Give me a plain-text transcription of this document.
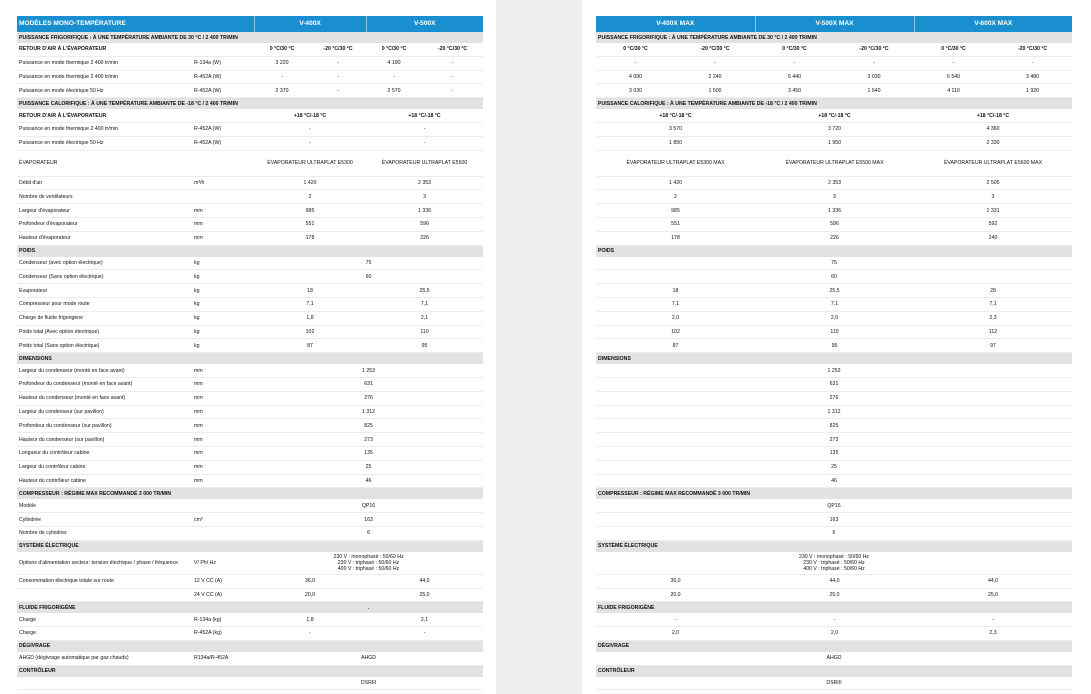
MODÈLES MONO-TEMPÉRATURE		V-400X		V-500X	
PUISSANCE FRIGORIFIQUE : À UNE TEMPÉRATURE AMBIANTE DE 30 °C / 2 400 TR/MIN					
RETOUR D'AIR À L'ÉVAPORATEUR		0 °C/30 °C	-20 °C/30 °C	0 °C/30 °C	-20 °C/30 °C
Puissance en mode thermique 2 400 tr/min	R-134a (W)	3 220	-	4 190	-
Puissance en mode thermique 2 400 tr/min	R-452A (W)	-	-	-	-
Puissance en mode électrique 50 Hz	R-452A (W)	2 370	-	2 570	-
PUISSANCE CALORIFIQUE : À UNE TEMPÉRATURE AMBIANTE DE -18 °C / 2 400 TR/MIN					
RETOUR D'AIR À L'ÉVAPORATEUR		+18 °C/-18 °C		+18 °C/-18 °C	
Puissance en mode thermique 2 400 tr/min	R-452A (W)	-		-	
Puissance en mode électrique 50 Hz	R-452A (W)	-		-	
ÉVAPORATEUR		ÉVAPORATEUR ULTRAPLAT E5300		ÉVAPORATEUR ULTRAPLAT E5500	
Débit d'air	m³/h	1 420		2 353	
Nombre de ventilateurs		2		3	
Largeur d'évaporateur	mm	985		1 336	
Profondeur d'évaporateur	mm	551		596	
Hauteur d'évaporateur	mm	178		226	
POIDS					
Condenseur (avec option électrique)	kg	75			
Condenseur (Sans option électrique)	kg	60			
Évaporateur	kg	18		25,5	
Compresseur pour mode route	kg	7,1		7,1	
Charge de fluide frigorigène	kg	1,8		2,1	
Poids total (Avec option électrique)	kg	102		110	
Poids total (Sans option électrique)	kg	87		95	
DIMENSIONS					
Largeur du condenseur (monté en face avant)	mm	1 253			
Profondeur du condenseur (monté en face avant)	mm	631			
Hauteur du condenseur (monté en face avant)	mm	276			
Largeur du condenseur (sur pavillon)	mm	1 312			
Profondeur du condenseur (sur pavillon)	mm	825			
Hauteur du condenseur (sur pavillon)	mm	273			
Longueur du contrôleur cabine	mm	135			
Largeur du contrôleur cabine	mm	25			
Hauteur du contrôleur cabine	mm	46			
COMPRESSEUR : RÉGIME MAX RECOMMANDÉ 3 000 TR/MIN					
Modèle		QP16			
Cylindrée	cm³	163			
Nombre de cylindres		6			
SYSTÈME ÉLECTRIQUE					
Options d'alimentation secteur: tension électrique / phase / fréquence	V/ Ph/ Hz	230 V : monophasé : 50/60 Hz
230 V : triphasé : 50/60 Hz
400 V : triphasé : 50/60 Hz			

Consommation électrique totale sur route	12 V CC (A)	36,0		44,0	
	24 V CC (A)	20,0		25,0	
FLUIDE FRIGORIGÈNE				.	
Charge	R-134a (kg)	1,8		2,1	
Charge	R-452A (kg)	-		-	
DÉGIVRAGE					
AHGD (dégivrage automatique par gaz chauds)	R134a/R-452A	AHGD			
CONTRÔLEUR					
		DSRIII			
V-400X MAX		V-500X MAX		V-600X MAX	
PUISSANCE FRIGORIFIQUE : À UNE TEMPÉRATURE AMBIANTE DE 30 °C / 2 400 TR/MIN					
0 °C/30 °C	-20 °C/30 °C	0 °C/30 °C	-20 °C/30 °C	0 °C/30 °C	-20 °C/30 °C
-	-	-	-	-	-
4 090	2 240	5 440	3 030	6 540	3 480
3 030	1 500	3 450	1 640	4 110	1 920
PUISSANCE CALORIFIQUE : À UNE TEMPÉRATURE AMBIANTE DE -18 °C / 2 400 TR/MIN					
+18 °C/-18 °C		+18 °C/-18 °C		+18 °C/-18 °C	
3 570		3 720		4 360	
1 850		1 950		2 330	
ÉVAPORATEUR ULTRAPLAT E5300 MAX		ÉVAPORATEUR ULTRAPLAT E5500 MAX		ÉVAPORATEUR ULTRAPLAT E5600 MAX	
1 420		2 353		2 505	
2		3		3	
985		1 336		1 331	
551		596		592	
178		226		240	
POIDS					
75					
60					
18		25,5		28	
7,1		7,1		7,1	
2,0		2,0		2,3	
102		110		112	
87		95		97	
DIMENSIONS					
1 253					
631					
276					
1 312					
825					
273					
135					
25					
46					
COMPRESSEUR : RÉGIME MAX RECOMMANDÉ 3 000 TR/MIN					
QP16					
163					
6					
SYSTÈME ÉLECTRIQUE					

230 V : monophasé : 50/60 Hz
230 V : triphasé : 50/60 Hz
400 V : triphasé : 50/60 Hz					

36,0		44,0		44,0	
20,0		25,0		25,0	
FLUIDE FRIGORIGÈNE					
-		-		-	
2,0		2,0		2,3	
DÉGIVRAGE					
AHGD					
CONTRÔLEUR					
DSRIII					
